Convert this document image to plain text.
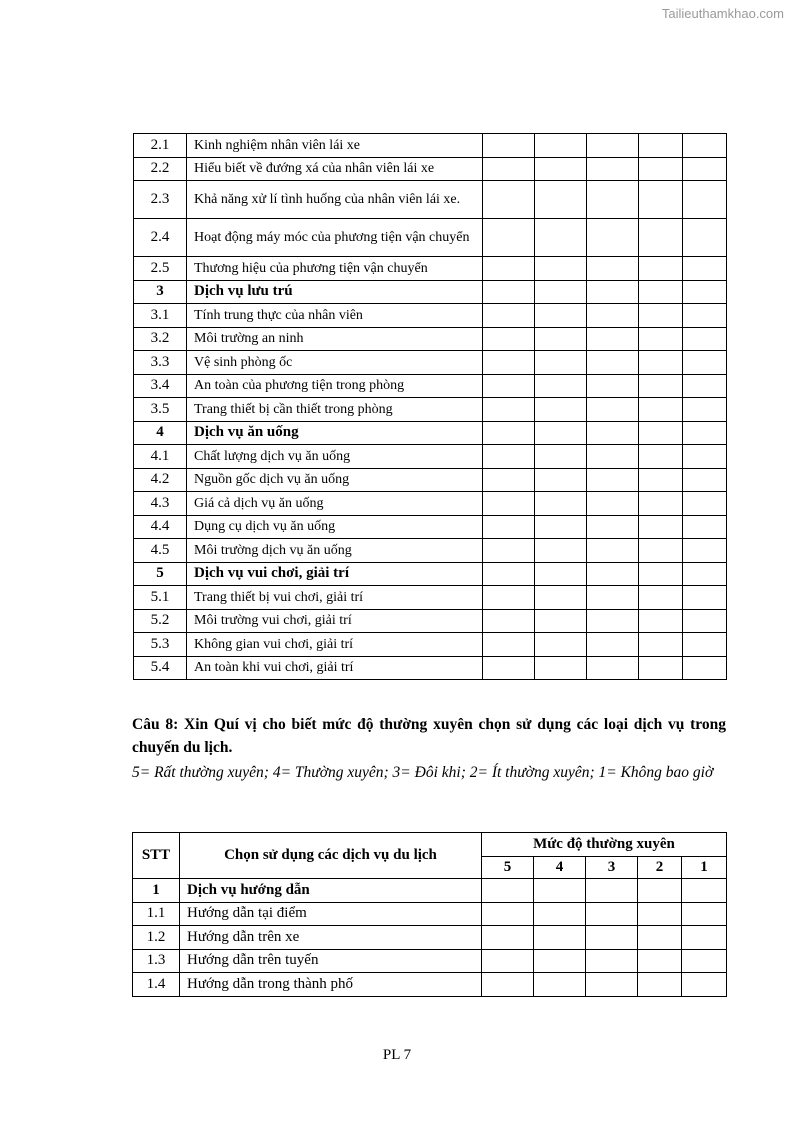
Tailieuthamkhao.com
2.1	Kinh nghiệm nhân viên lái xe					
2.2	Hiểu biết về đướng xá của nhân viên lái xe					
2.3	Khả năng xử lí tình huống của nhân viên lái xe.					
2.4	Hoạt động máy móc của phương tiện vận chuyển					
2.5	Thương hiệu của phương tiện vận chuyển					
3	Dịch vụ lưu trú					
3.1	Tính trung thực của nhân viên					
3.2	Môi trường an ninh					
3.3	Vệ sinh phòng ốc					
3.4	An toàn của phương tiện trong phòng					
3.5	Trang thiết bị cần thiết trong phòng					
4	Dịch vụ ăn uống					
4.1	Chất lượng dịch vụ ăn uống					
4.2	Nguồn gốc dịch vụ ăn uống					
4.3	Giá cả dịch vụ ăn uống					
4.4	Dụng cụ dịch vụ ăn uống					
4.5	Môi trường dịch vụ ăn uống					
5	Dịch vụ vui chơi, giải trí					
5.1	Trang thiết bị vui chơi, giải trí					
5.2	Môi trường vui chơi, giải trí					
5.3	Không gian vui chơi, giải trí					
5.4	An toàn khi vui chơi, giải trí					
Câu 8: Xin Quí vị cho biết mức độ thường xuyên chọn sử dụng các loại dịch vụ trong chuyến du lịch.
5= Rất thường xuyên; 4= Thường xuyên; 3= Đôi khi; 2= Ít thường xuyên; 1= Không bao giờ
STT	Chọn sử dụng các dịch vụ du lịch	Mức độ thường xuyên				
		5	4	3	2	1
1	Dịch vụ hướng dẫn					
1.1	Hướng dẫn tại điểm					
1.2	Hướng dẫn trên xe					
1.3	Hướng dẫn trên tuyến					
1.4	Hướng dẫn trong thành phố					
PL 7
